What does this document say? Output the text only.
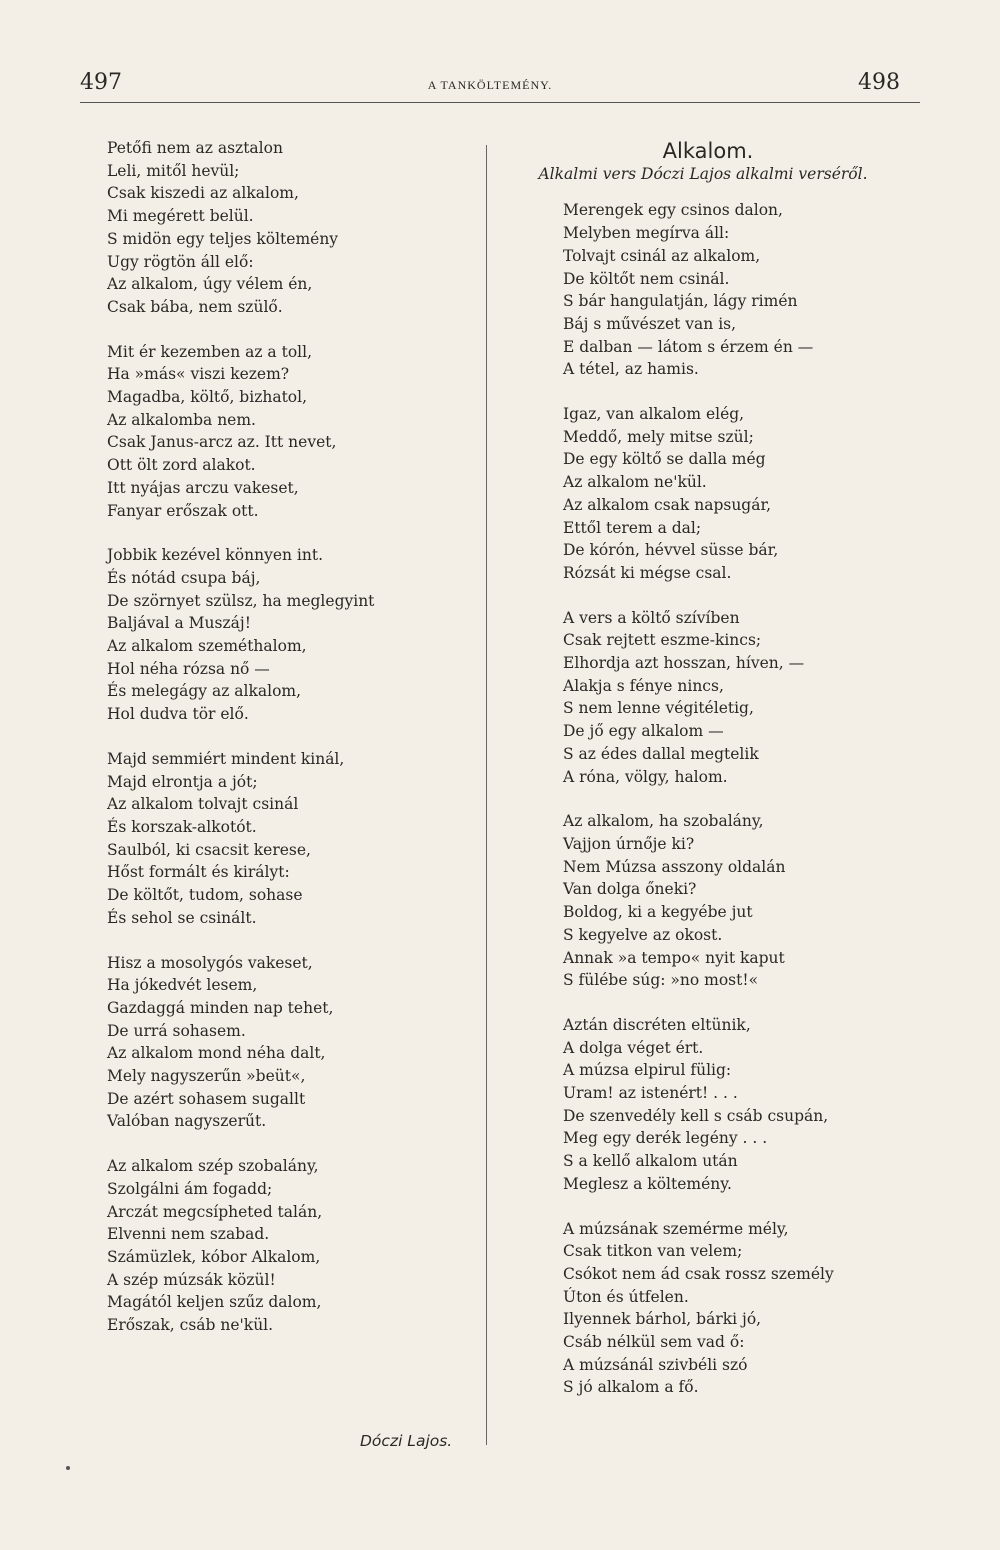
497	A TANKÖLTEMÉNY.	498
Petőfi nem az asztalon
Leli, mitől hevül;
Csak kiszedi az alkalom,
Mi megérett belül.
S midön egy teljes költemény
Ugy rögtön áll elő:
Az alkalom, úgy vélem én,
Csak bába, nem szülő.
Mit ér kezemben az a toll,
Ha »más« viszi kezem?
Magadba, költő, bizhatol,
Az alkalomba nem.
Csak Janus-arcz az. Itt nevet,
Ott ölt zord alakot.
Itt nyájas arczu vakeset,
Fanyar erőszak ott.
Jobbik kezével könnyen int.
És nótád csupa báj,
De szörnyet szülsz, ha meglegyint
Baljával a Muszáj!
Az alkalom szeméthalom,
Hol néha rózsa nő —
És melegágy az alkalom,
Hol dudva tör elő.
Majd semmiért mindent kinál,
Majd elrontja a jót;
Az alkalom tolvajt csinál
És korszak-alkotót.
Saulból, ki csacsit kerese,
Hőst formált és királyt:
De költőt, tudom, sohase
És sehol se csinált.
Hisz a mosolygós vakeset,
Ha jókedvét lesem,
Gazdaggá minden nap tehet,
De urrá sohasem.
Az alkalom mond néha dalt,
Mely nagyszerűn »beüt«,
De azért sohasem sugallt
Valóban nagyszerűt.
Az alkalom szép szobalány,
Szolgálni ám fogadd;
Arczát megcsípheted talán,
Elvenni nem szabad.
Számüzlek, kóbor Alkalom,
A szép múzsák közül!
Magától keljen szűz dalom,
Erőszak, csáb ne'kül.
Dóczi Lajos.
Alkalom.
Alkalmi vers Dóczi Lajos alkalmi verséről.
Merengek egy csinos dalon,
Melyben megírva áll:
Tolvajt csinál az alkalom,
De költőt nem csinál.
S bár hangulatján, lágy rimén
Báj s művészet van is,
E dalban — látom s érzem én —
A tétel, az hamis.
Igaz, van alkalom elég,
Meddő, mely mitse szül;
De egy költő se dalla még
Az alkalom ne'kül.
Az alkalom csak napsugár,
Ettől terem a dal;
De kórón, hévvel süsse bár,
Rózsát ki mégse csal.
A vers a költő szívíben
Csak rejtett eszme-kincs;
Elhordja azt hosszan, híven, —
Alakja s fénye nincs,
S nem lenne végitéletig,
De jő egy alkalom —
S az édes dallal megtelik
A róna, völgy, halom.
Az alkalom, ha szobalány,
Vajjon úrnője ki?
Nem Múzsa asszony oldalán
Van dolga őneki?
Boldog, ki a kegyébe jut
S kegyelve az okost.
Annak »a tempo« nyit kaput
S fülébe súg: »no most!«
Aztán discréten eltünik,
A dolga véget ért.
A múzsa elpirul fülig:
Uram! az istenért! . . .
De szenvedély kell s csáb csupán,
Meg egy derék legény . . .
S a kellő alkalom után
Meglesz a költemény.
A múzsának szemérme mély,
Csak titkon van velem;
Csókot nem ád csak rossz személy
Úton és útfelen.
Ilyennek bárhol, bárki jó,
Csáb nélkül sem vad ő:
A múzsánál szivbéli szó
S jó alkalom a fő.
